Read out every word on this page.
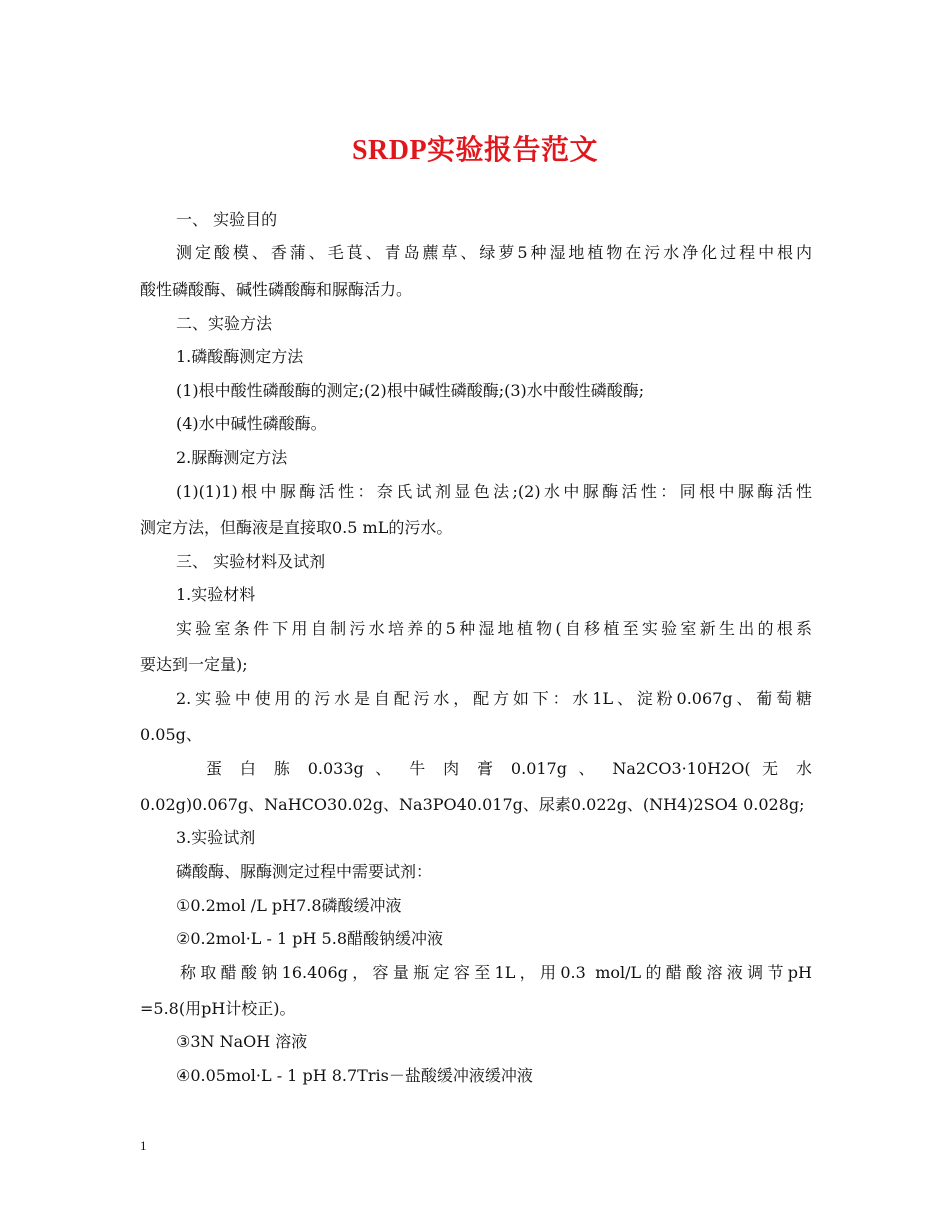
SRDP实验报告范文
一、 实验目的
测定酸模、香蒲、毛茛、青岛藨草、绿萝5种湿地植物在污水净化过程中根内
酸性磷酸酶、碱性磷酸酶和脲酶活力。
二、实验方法
1.磷酸酶测定方法
(1)根中酸性磷酸酶的测定;(2)根中碱性磷酸酶;(3)水中酸性磷酸酶;
(4)水中碱性磷酸酶。
2.脲酶测定方法
(1)(1)1)根中脲酶活性：奈氏试剂显色法;(2)水中脲酶活性：同根中脲酶活性
测定方法，但酶液是直接取0.5 mL的污水。
三、 实验材料及试剂
1.实验材料
实验室条件下用自制污水培养的5种湿地植物(自移植至实验室新生出的根系
要达到一定量);
2.实验中使用的污水是自配污水，配方如下：水1L、淀粉0.067g、葡萄糖
0.05g、
蛋 白 胨 0.033g 、 牛 肉 膏 0.017g 、 Na2CO3·10H2O( 无 水
0.02g)0.067g、NaHCO30.02g、Na3PO40.017g、尿素0.022g、(NH4)2SO4 0.028g;
3.实验试剂
磷酸酶、脲酶测定过程中需要试剂：
①0.2mol /L pH7.8磷酸缓冲液
②0.2mol·L - 1 pH 5.8醋酸钠缓冲液
称取醋酸钠16.406g，容量瓶定容至1L，用0.3 mol/L的醋酸溶液调节pH
=5.8(用pH计校正)。
③3N NaOH 溶液
④0.05mol·L - 1 pH 8.7Tris－盐酸缓冲液缓冲液
1
